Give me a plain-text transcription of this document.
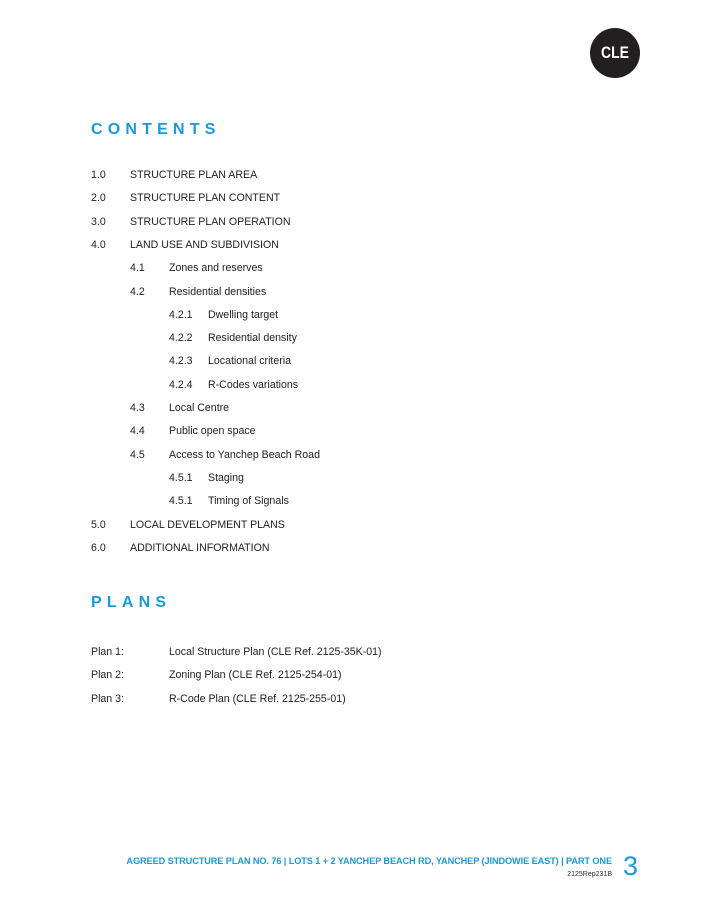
CLE
CONTENTS
1.0 STRUCTURE PLAN AREA
2.0 STRUCTURE PLAN CONTENT
3.0 STRUCTURE PLAN OPERATION
4.0 LAND USE AND SUBDIVISION
4.1 Zones and reserves
4.2 Residential densities
4.2.1 Dwelling target
4.2.2 Residential density
4.2.3 Locational criteria
4.2.4 R-Codes variations
4.3 Local Centre
4.4 Public open space
4.5 Access to Yanchep Beach Road
4.5.1 Staging
4.5.1 Timing of Signals
5.0 LOCAL DEVELOPMENT PLANS
6.0 ADDITIONAL INFORMATION
PLANS
Plan 1:	Local Structure Plan (CLE Ref. 2125-35K-01)
Plan 2:	Zoning Plan (CLE Ref. 2125-254-01)
Plan 3:	R-Code Plan (CLE Ref. 2125-255-01)
AGREED STRUCTURE PLAN NO. 76 | LOTS 1 + 2 YANCHEP BEACH RD, YANCHEP (JINDOWIE EAST) | PART ONE
2125Rep231B 3
